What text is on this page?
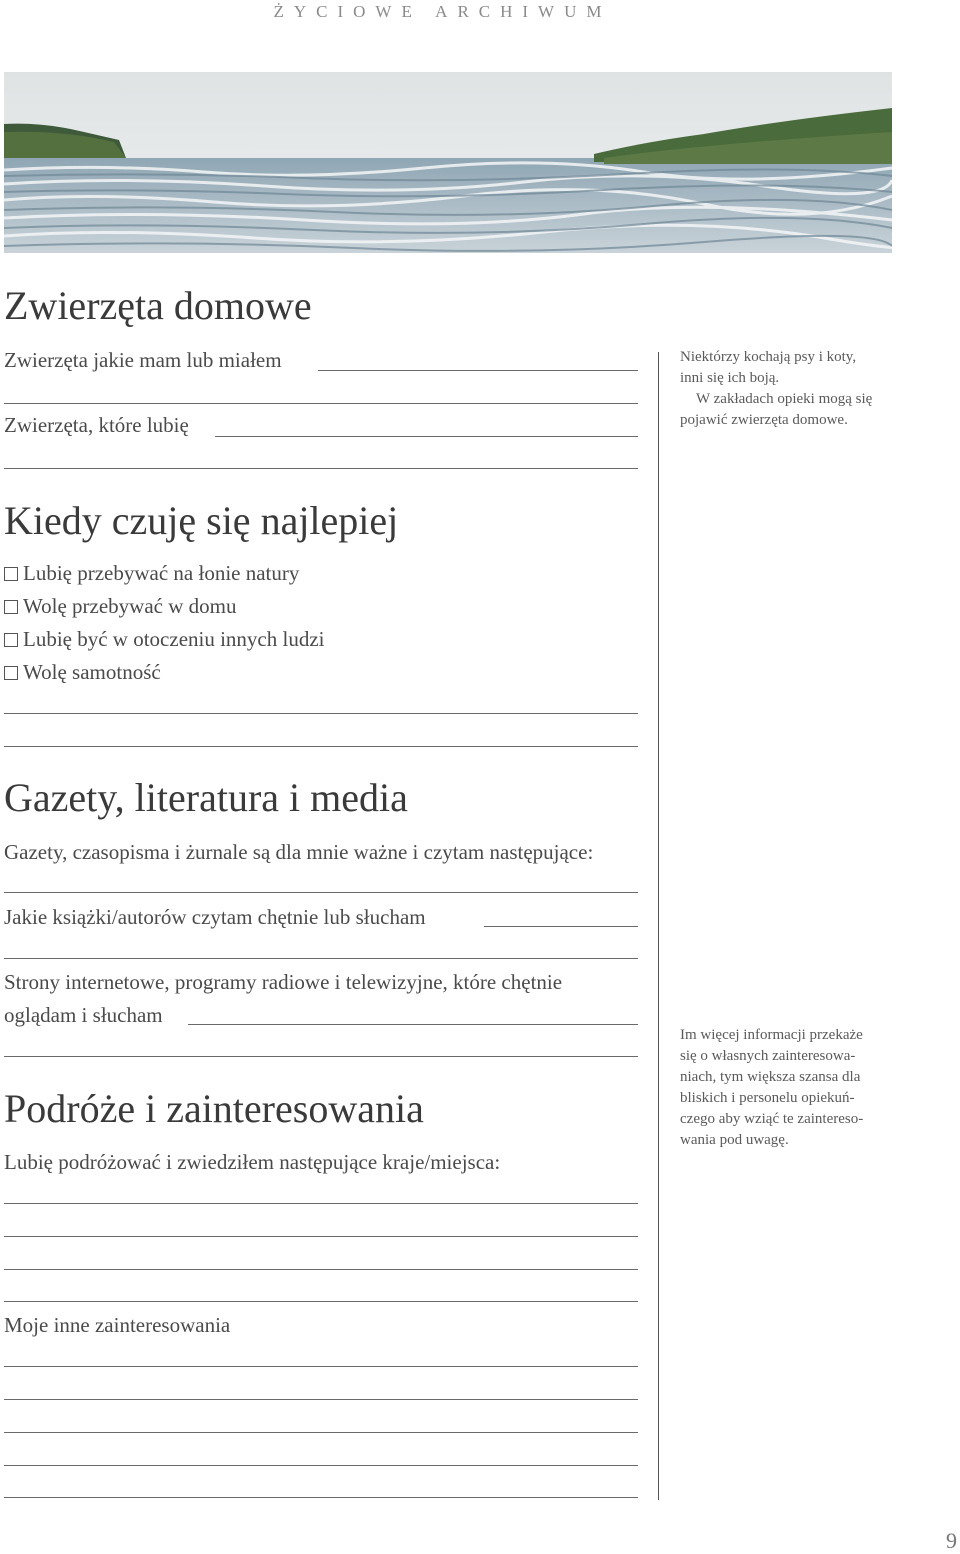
ŻYCIOWE ARCHIWUM
Zwierzęta domowe
Zwierzęta jakie mam lub miałem
Zwierzęta, które lubię
Niektórzy kochają psy i koty,
inni się ich boją.
W zakładach opieki mogą się
pojawić zwierzęta domowe.
Kiedy czuję się najlepiej
Lubię przebywać na łonie natury
Wolę przebywać w domu
Lubię być w otoczeniu innych ludzi
Wolę samotność
Gazety, literatura i media
Gazety, czasopisma i żurnale są dla mnie ważne i czytam następujące:
Jakie książki/autorów czytam chętnie lub słucham
Strony internetowe, programy radiowe i telewizyjne, które chętnie
oglądam i słucham
Podróże i zainteresowania
Lubię podróżować i zwiedziłem następujące kraje/miejsca:
Moje inne zainteresowania
Im więcej informacji przekaże
się o własnych zainteresowa-
niach, tym większa szansa dla
bliskich i personelu opiekuń-
czego aby wziąć te zaintereso-
wania pod uwagę.
9
